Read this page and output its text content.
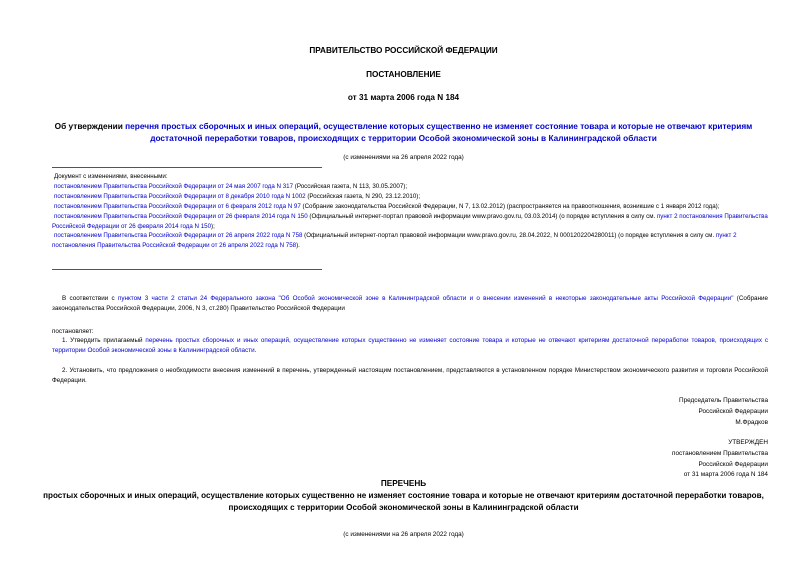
ПРАВИТЕЛЬСТВО РОССИЙСКОЙ ФЕДЕРАЦИИ
ПОСТАНОВЛЕНИЕ
от 31 марта 2006 года N 184
Об утверждении перечня простых сборочных и иных операций, осуществление которых существенно не изменяет состояние товара и которые не отвечают критериям достаточной переработки товаров, происходящих с территории Особой экономической зоны в Калининградской области
(с изменениями на 26 апреля 2022 года)
Документ с изменениями, внесенными:
постановлением Правительства Российской Федерации от 24 мая 2007 года N 317 (Российская газета, N 113, 30.05.2007);
постановлением Правительства Российской Федерации от 8 декабря 2010 года N 1002 (Российская газета, N 290, 23.12.2010);
постановлением Правительства Российской Федерации от 6 февраля 2012 года N 97 (Собрание законодательства Российской Федерации, N 7, 13.02.2012) (распространяется на правоотношения, возникшие с 1 января 2012 года);
постановлением Правительства Российской Федерации от 26 февраля 2014 года N 150 (Официальный интернет-портал правовой информации www.pravo.gov.ru, 03.03.2014) (о порядке вступления в силу см. пункт 2 постановления Правительства Российской Федерации от 26 февраля 2014 года N 150);
постановлением Правительства Российской Федерации от 26 апреля 2022 года N 758 (Официальный интернет-портал правовой информации www.pravo.gov.ru, 28.04.2022, N 0001202204280011) (о порядке вступления в силу см. пункт 2 постановления Правительства Российской Федерации от 26 апреля 2022 года N 758).
В соответствии с пунктом 3 части 2 статьи 24 Федерального закона "Об Особой экономической зоне в Калининградской области и о внесении изменений в некоторые законодательные акты Российской Федерации" (Собрание законодательства Российской Федерации, 2006, N 3, ст.280) Правительство Российской Федерации
постановляет:
1. Утвердить прилагаемый перечень простых сборочных и иных операций, осуществление которых существенно не изменяет состояние товара и которые не отвечают критериям достаточной переработки товаров, происходящих с территории Особой экономической зоны в Калининградской области.
2. Установить, что предложения о необходимости внесения изменений в перечень, утвержденный настоящим постановлением, представляются в установленном порядке Министерством экономического развития и торговли Российской Федерации.
Председатель Правительства
Российской Федерации
М.Фрадков
УТВЕРЖДЕН
постановлением Правительства
Российской Федерации
от 31 марта 2006 года N 184
ПЕРЕЧЕНЬ
простых сборочных и иных операций, осуществление которых существенно не изменяет состояние товара и которые не отвечают критериям достаточной переработки товаров, происходящих с территории Особой экономической зоны в Калининградской области
(с изменениями на 26 апреля 2022 года)
